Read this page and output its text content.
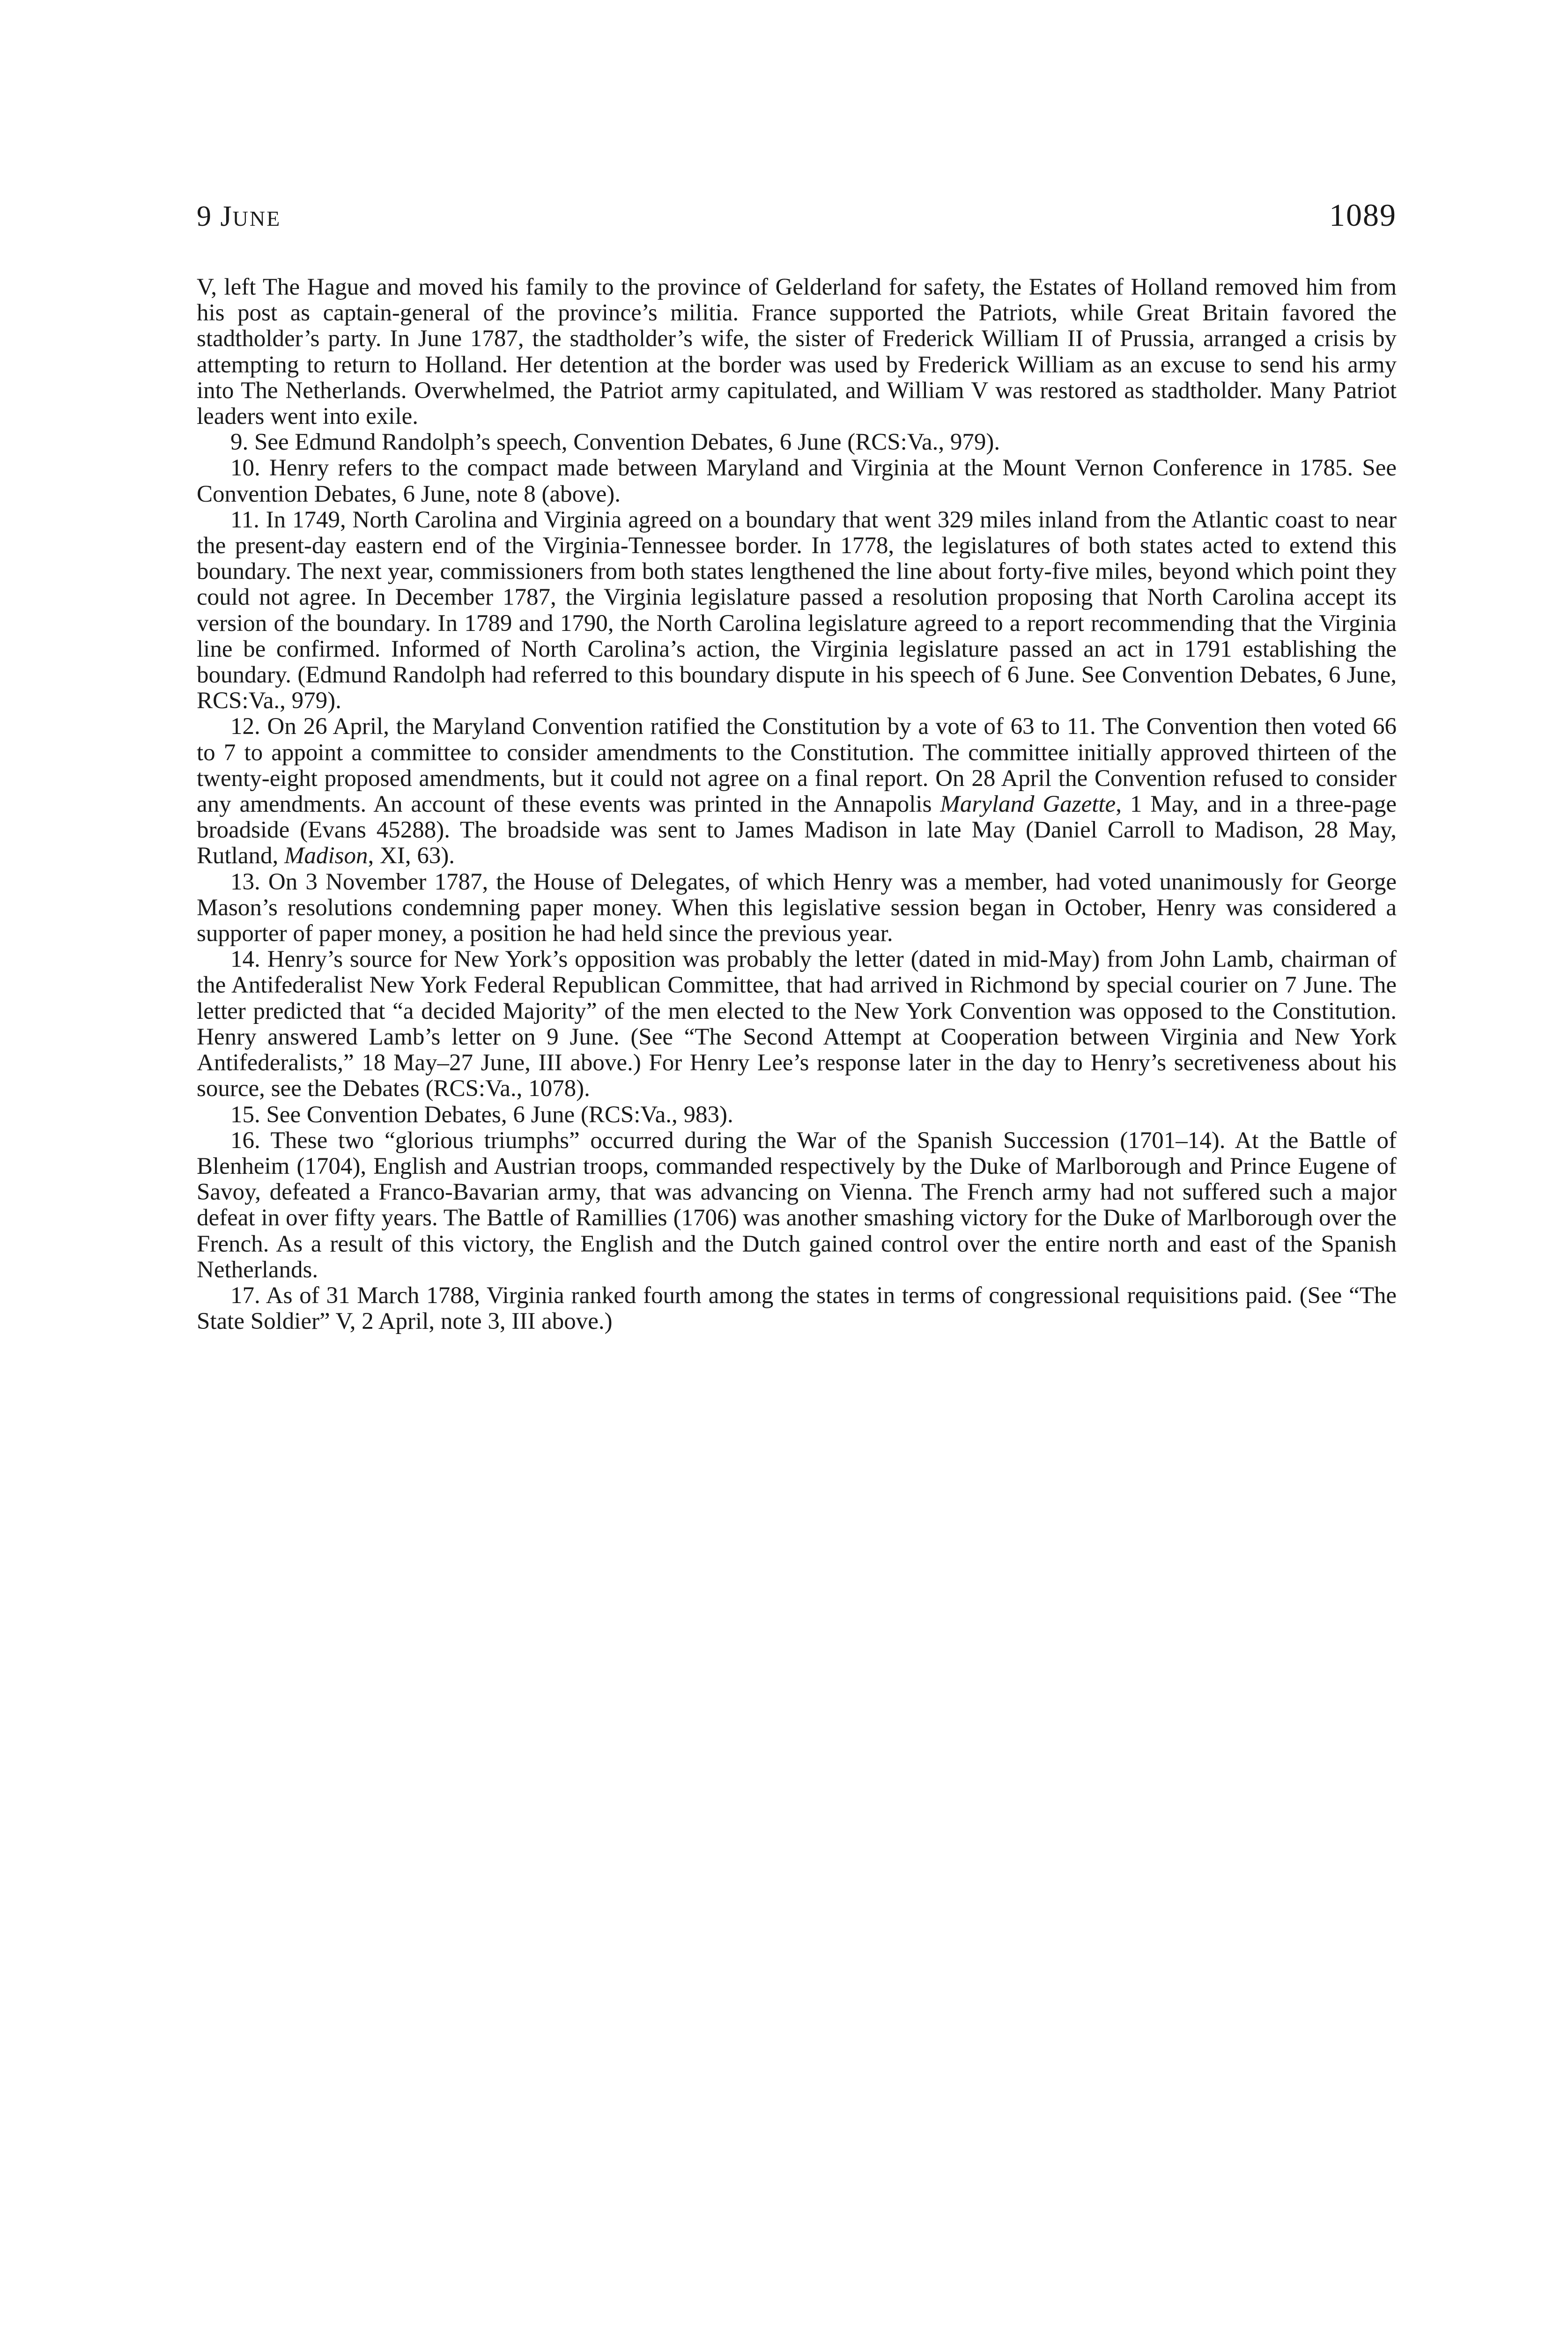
9 JUNE	1089

V, left The Hague and moved his family to the province of Gelderland for safety, the Estates of Holland removed him from his post as captain-general of the province’s militia. France supported the Patriots, while Great Britain favored the stadtholder’s party. In June 1787, the stadtholder’s wife, the sister of Frederick William II of Prussia, arranged a crisis by attempting to return to Holland. Her detention at the border was used by Frederick William as an excuse to send his army into The Netherlands. Overwhelmed, the Patriot army capitulated, and William V was restored as stadtholder. Many Patriot leaders went into exile.

9. See Edmund Randolph’s speech, Convention Debates, 6 June (RCS:Va., 979).

10. Henry refers to the compact made between Maryland and Virginia at the Mount Vernon Conference in 1785. See Convention Debates, 6 June, note 8 (above).

11. In 1749, North Carolina and Virginia agreed on a boundary that went 329 miles inland from the Atlantic coast to near the present-day eastern end of the Virginia-Tennessee border. In 1778, the legislatures of both states acted to extend this boundary. The next year, commissioners from both states lengthened the line about forty-five miles, beyond which point they could not agree. In December 1787, the Virginia legislature passed a resolution proposing that North Carolina accept its version of the boundary. In 1789 and 1790, the North Carolina legislature agreed to a report recommending that the Virginia line be confirmed. Informed of North Carolina’s action, the Virginia legislature passed an act in 1791 establishing the boundary. (Edmund Randolph had referred to this boundary dispute in his speech of 6 June. See Convention Debates, 6 June, RCS:Va., 979).

12. On 26 April, the Maryland Convention ratified the Constitution by a vote of 63 to 11. The Convention then voted 66 to 7 to appoint a committee to consider amendments to the Constitution. The committee initially approved thirteen of the twenty-eight proposed amendments, but it could not agree on a final report. On 28 April the Convention refused to consider any amendments. An account of these events was printed in the Annapolis Maryland Gazette, 1 May, and in a three-page broadside (Evans 45288). The broadside was sent to James Madison in late May (Daniel Carroll to Madison, 28 May, Rutland, Madison, XI, 63).

13. On 3 November 1787, the House of Delegates, of which Henry was a member, had voted unanimously for George Mason’s resolutions condemning paper money. When this legislative session began in October, Henry was considered a supporter of paper money, a position he had held since the previous year.

14. Henry’s source for New York’s opposition was probably the letter (dated in mid-May) from John Lamb, chairman of the Antifederalist New York Federal Republican Committee, that had arrived in Richmond by special courier on 7 June. The letter predicted that “a decided Majority” of the men elected to the New York Convention was opposed to the Constitution. Henry answered Lamb’s letter on 9 June. (See “The Second Attempt at Cooperation between Virginia and New York Antifederalists,” 18 May–27 June, III above.) For Henry Lee’s response later in the day to Henry’s secretiveness about his source, see the Debates (RCS:Va., 1078).

15. See Convention Debates, 6 June (RCS:Va., 983).

16. These two “glorious triumphs” occurred during the War of the Spanish Succession (1701–14). At the Battle of Blenheim (1704), English and Austrian troops, commanded respectively by the Duke of Marlborough and Prince Eugene of Savoy, defeated a Franco-Bavarian army, that was advancing on Vienna. The French army had not suffered such a major defeat in over fifty years. The Battle of Ramillies (1706) was another smashing victory for the Duke of Marlborough over the French. As a result of this victory, the English and the Dutch gained control over the entire north and east of the Spanish Netherlands.

17. As of 31 March 1788, Virginia ranked fourth among the states in terms of congressional requisitions paid. (See “The State Soldier” V, 2 April, note 3, III above.)
